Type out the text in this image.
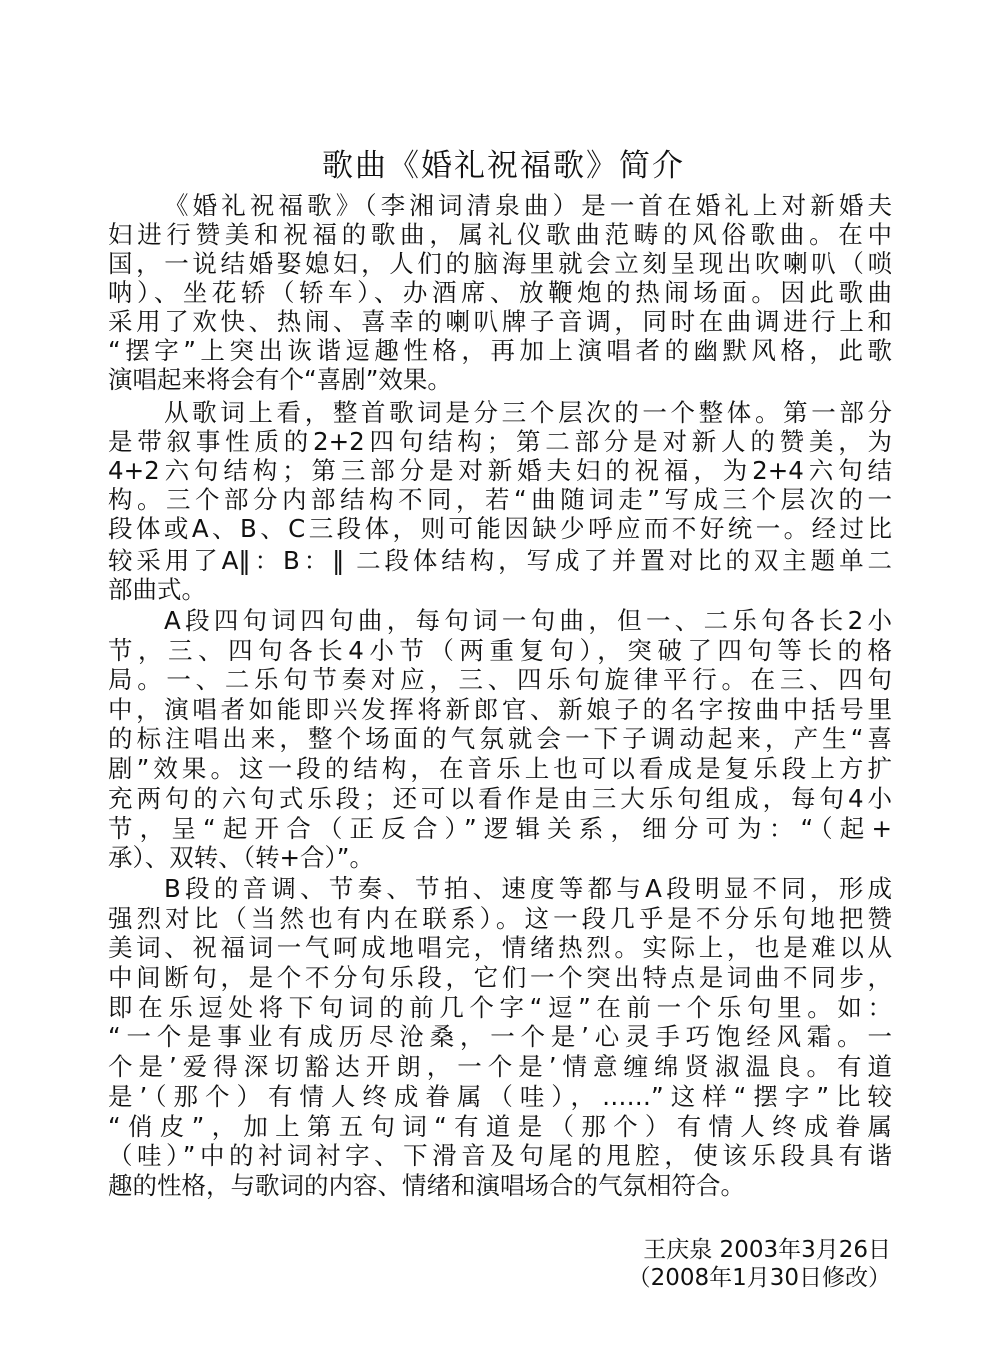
歌曲《婚礼祝福歌》简介
《婚礼祝福歌》（李湘词清泉曲）是一首在婚礼上对新婚夫
妇进行赞美和祝福的歌曲，属礼仪歌曲范畴的风俗歌曲。在中
国，一说结婚娶媳妇，人们的脑海里就会立刻呈现出吹喇叭（唢
呐）、坐花轿（轿车）、办酒席、放鞭炮的热闹场面。因此歌曲
采用了欢快、热闹、喜幸的喇叭牌子音调，同时在曲调进行上和
“摆字”上突出诙谐逗趣性格，再加上演唱者的幽默风格，此歌
演唱起来将会有个“喜剧”效果。
从歌词上看，整首歌词是分三个层次的一个整体。第一部分
是带叙事性质的2+2四句结构；第二部分是对新人的赞美，为
4+2六句结构；第三部分是对新婚夫妇的祝福，为2+4六句结
构。三个部分内部结构不同，若“曲随词走”写成三个层次的一
段体或A、B、C三段体，则可能因缺少呼应而不好统一。经过比
较采用了A‖：B：‖ 二段体结构，写成了并置对比的双主题单二
部曲式。
A段四句词四句曲，每句词一句曲，但一、二乐句各长2小
节，三、四句各长4小节（两重复句），突破了四句等长的格
局。一、二乐句节奏对应，三、四乐句旋律平行。在三、四句
中，演唱者如能即兴发挥将新郎官、新娘子的名字按曲中括号里
的标注唱出来，整个场面的气氛就会一下子调动起来，产生“喜
剧”效果。这一段的结构，在音乐上也可以看成是复乐段上方扩
充两句的六句式乐段；还可以看作是由三大乐句组成，每句4小
节，呈“起开合（正反合）”逻辑关系，细分可为：“（起+
承）、双转、（转+合）”。
B段的音调、节奏、节拍、速度等都与A段明显不同，形成
强烈对比（当然也有内在联系）。这一段几乎是不分乐句地把赞
美词、祝福词一气呵成地唱完，情绪热烈。实际上，也是难以从
中间断句，是个不分句乐段，它们一个突出特点是词曲不同步，
即在乐逗处将下句词的前几个字“逗”在前一个乐句里。如：
“一个是事业有成历尽沧桑，一个是’心灵手巧饱经风霜。一
个是’爱得深切豁达开朗，一个是’情意缠绵贤淑温良。有道
是’（那个）有情人终成眷属（哇），……”这样“摆字”比较
“俏皮”，加上第五句词“有道是（那个）有情人终成眷属
（哇）”中的衬词衬字、下滑音及句尾的甩腔，使该乐段具有谐
趣的性格，与歌词的内容、情绪和演唱场合的气氛相符合。
王庆泉 2003年3月26日
（2008年1月30日修改）
